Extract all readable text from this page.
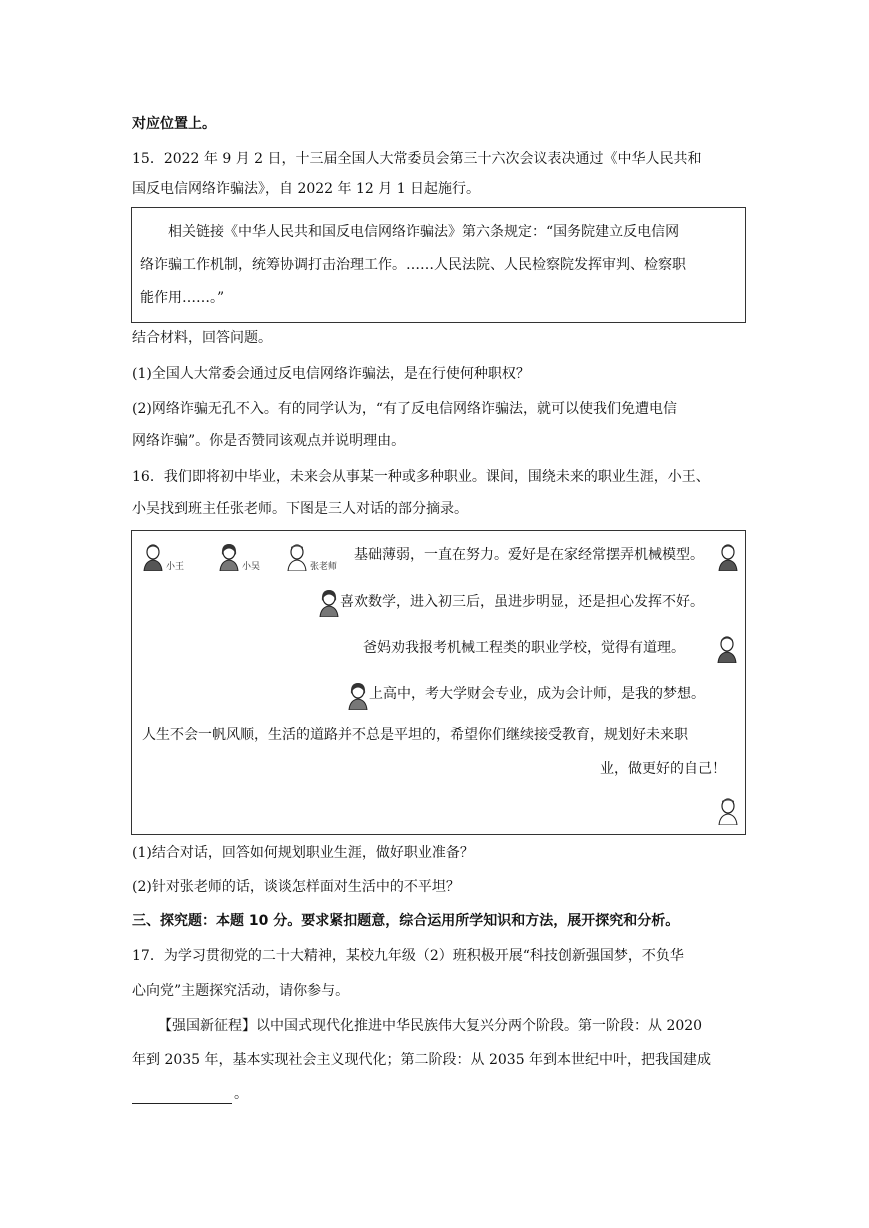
对应位置上。
15．2022 年 9 月 2 日，十三届全国人大常委员会第三十六次会议表决通过《中华人民共和
国反电信网络诈骗法》，自 2022 年 12 月 1 日起施行。
相关链接《中华人民共和国反电信网络诈骗法》第六条规定：“国务院建立反电信网
络诈骗工作机制，统筹协调打击治理工作。……人民法院、人民检察院发挥审判、检察职
能作用……。”
结合材料，回答问题。
(1)全国人大常委会通过反电信网络诈骗法，是在行使何种职权？
(2)网络诈骗无孔不入。有的同学认为，“有了反电信网络诈骗法，就可以使我们免遭电信
网络诈骗”。你是否赞同该观点并说明理由。
16．我们即将初中毕业，未来会从事某一种或多种职业。课间，围绕未来的职业生涯，小王、
小吴找到班主任张老师。下图是三人对话的部分摘录。
小王	小吴	张老师
基础薄弱，一直在努力。爱好是在家经常摆弄机械模型。
喜欢数学，进入初三后，虽进步明显，还是担心发挥不好。
爸妈劝我报考机械工程类的职业学校，觉得有道理。
上高中，考大学财会专业，成为会计师，是我的梦想。
人生不会一帆风顺，生活的道路并不总是平坦的，希望你们继续接受教育，规划好未来职
业，做更好的自己！
(1)结合对话，回答如何规划职业生涯，做好职业准备？
(2)针对张老师的话，谈谈怎样面对生活中的不平坦？
三、探究题：本题 10 分。要求紧扣题意，综合运用所学知识和方法，展开探究和分析。
17．为学习贯彻党的二十大精神，某校九年级（2）班积极开展“科技创新强国梦，不负华
心向党”主题探究活动，请你参与。
【强国新征程】以中国式现代化推进中华民族伟大复兴分两个阶段。第一阶段：从 2020
年到 2035 年，基本实现社会主义现代化；第二阶段：从 2035 年到本世纪中叶，把我国建成
。
